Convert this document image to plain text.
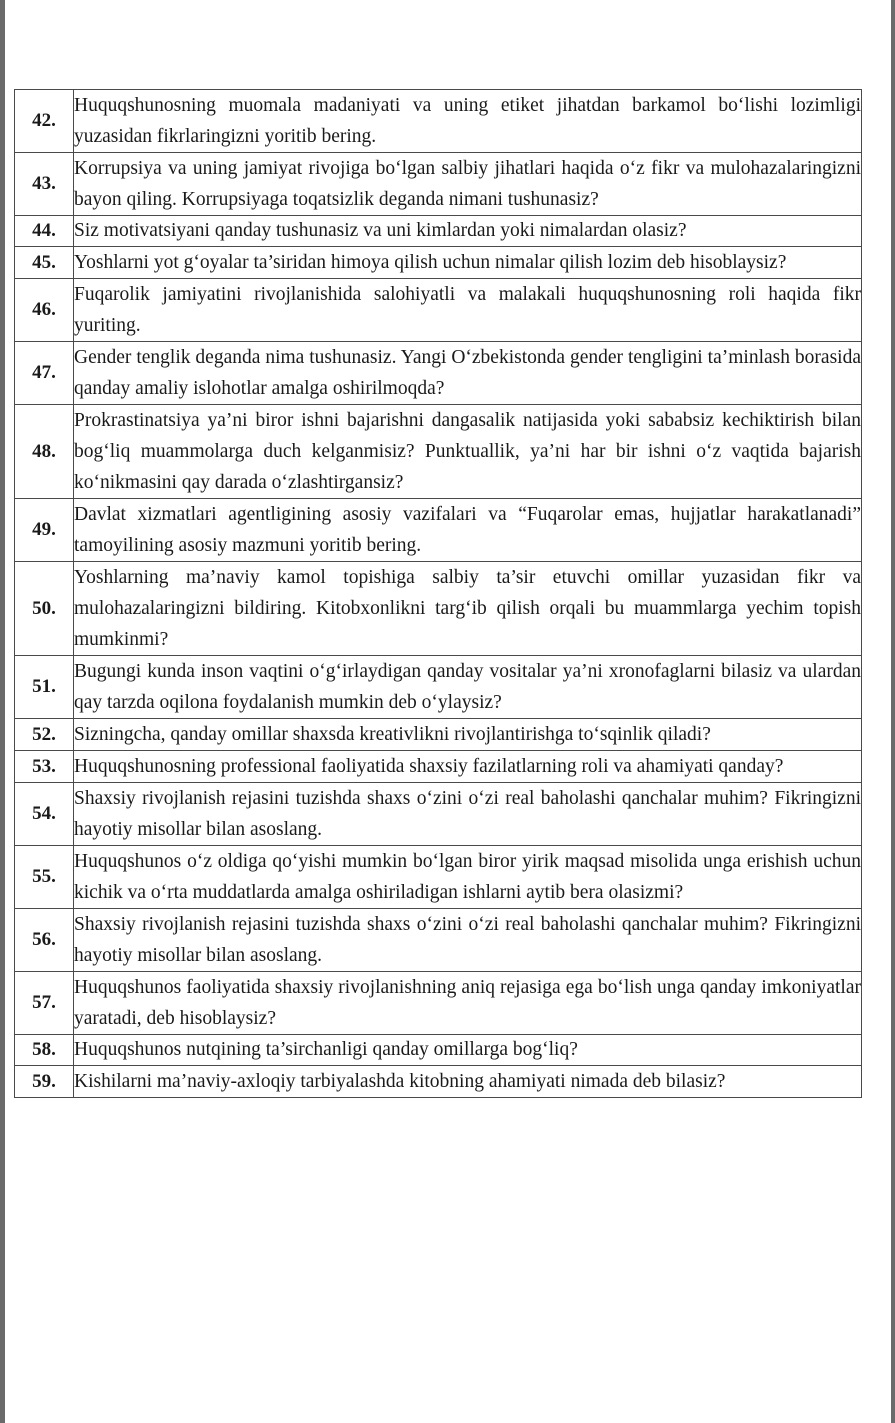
42.	Huquqshunosning muomala madaniyati va uning etiket jihatdan barkamol bo‘lishi lozimligi yuzasidan fikrlaringizni yoritib bering.
43.	Korrupsiya va uning jamiyat rivojiga bo‘lgan salbiy jihatlari haqida o‘z fikr va mulohazalaringizni bayon qiling. Korrupsiyaga toqatsizlik deganda nimani tushunasiz?
44.	Siz motivatsiyani qanday tushunasiz va uni kimlardan yoki nimalardan olasiz?
45.	Yoshlarni yot g‘oyalar ta’siridan himoya qilish uchun nimalar qilish lozim deb hisoblaysiz?
46.	Fuqarolik jamiyatini rivojlanishida salohiyatli va malakali huquqshunosning roli haqida fikr yuriting.
47.	Gender tenglik deganda nima tushunasiz. Yangi O‘zbekistonda gender tengligini ta’minlash borasida qanday amaliy islohotlar amalga oshirilmoqda?
48.	Prokrastinatsiya ya’ni biror ishni bajarishni dangasalik natijasida yoki sababsiz kechiktirish bilan bog‘liq muammolarga duch kelganmisiz? Punktuallik, ya’ni har bir ishni o‘z vaqtida bajarish ko‘nikmasini qay darada o‘zlashtirgansiz?
49.	Davlat xizmatlari agentligining asosiy vazifalari va “Fuqarolar emas, hujjatlar harakatlanadi” tamoyilining asosiy mazmuni yoritib bering.
50.	Yoshlarning ma’naviy kamol topishiga salbiy ta’sir etuvchi omillar yuzasidan fikr va mulohazalaringizni bildiring. Kitobxonlikni targ‘ib qilish orqali bu muammlarga yechim topish mumkinmi?
51.	Bugungi kunda inson vaqtini o‘g‘irlaydigan qanday vositalar ya’ni xronofaglarni bilasiz va ulardan qay tarzda oqilona foydalanish mumkin deb o‘ylaysiz?
52.	Sizningcha, qanday omillar shaxsda kreativlikni rivojlantirishga to‘sqinlik qiladi?
53.	Huquqshunosning professional faoliyatida shaxsiy fazilatlarning roli va ahamiyati qanday?
54.	Shaxsiy rivojlanish rejasini tuzishda shaxs o‘zini o‘zi real baholashi qanchalar muhim? Fikringizni hayotiy misollar bilan asoslang.
55.	Huquqshunos o‘z oldiga qo‘yishi mumkin bo‘lgan biror yirik maqsad misolida unga erishish uchun kichik va o‘rta muddatlarda amalga oshiriladigan ishlarni aytib bera olasizmi?
56.	Shaxsiy rivojlanish rejasini tuzishda shaxs o‘zini o‘zi real baholashi qanchalar muhim? Fikringizni hayotiy misollar bilan asoslang.
57.	Huquqshunos faoliyatida shaxsiy rivojlanishning aniq rejasiga ega bo‘lish unga qanday imkoniyatlar yaratadi, deb hisoblaysiz?
58.	Huquqshunos nutqining ta’sirchanligi qanday omillarga bog‘liq?
59.	Kishilarni ma’naviy-axloqiy tarbiyalashda kitobning ahamiyati nimada deb bilasiz?
